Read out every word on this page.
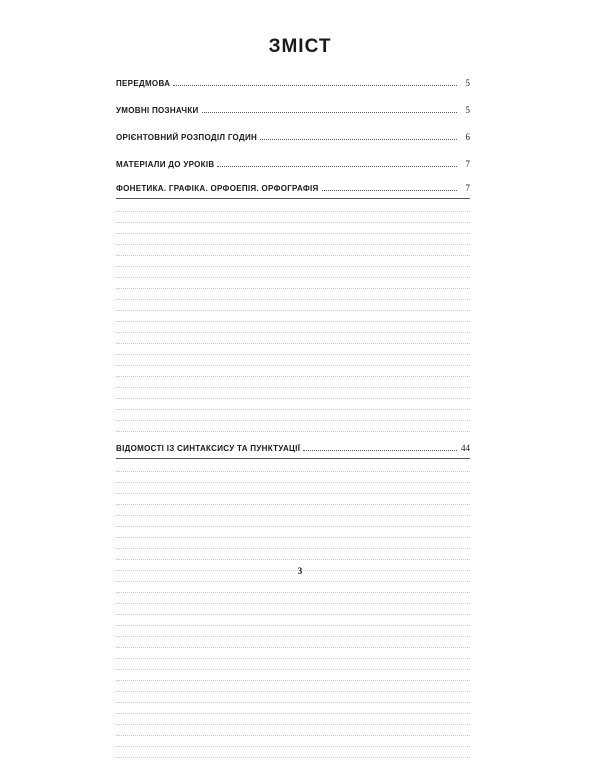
ЗМІСТ
ПЕРЕДМОВА	5
УМОВНІ ПОЗНАЧКИ	5
ОРІЄНТОВНИЙ РОЗПОДІЛ ГОДИН	6
МАТЕРІАЛИ ДО УРОКІВ	7
ФОНЕТИКА. ГРАФІКА. ОРФОЕПІЯ. ОРФОГРАФІЯ	7
ВІДОМОСТІ ІЗ СИНТАКСИСУ ТА ПУНКТУАЦІЇ	44
3
